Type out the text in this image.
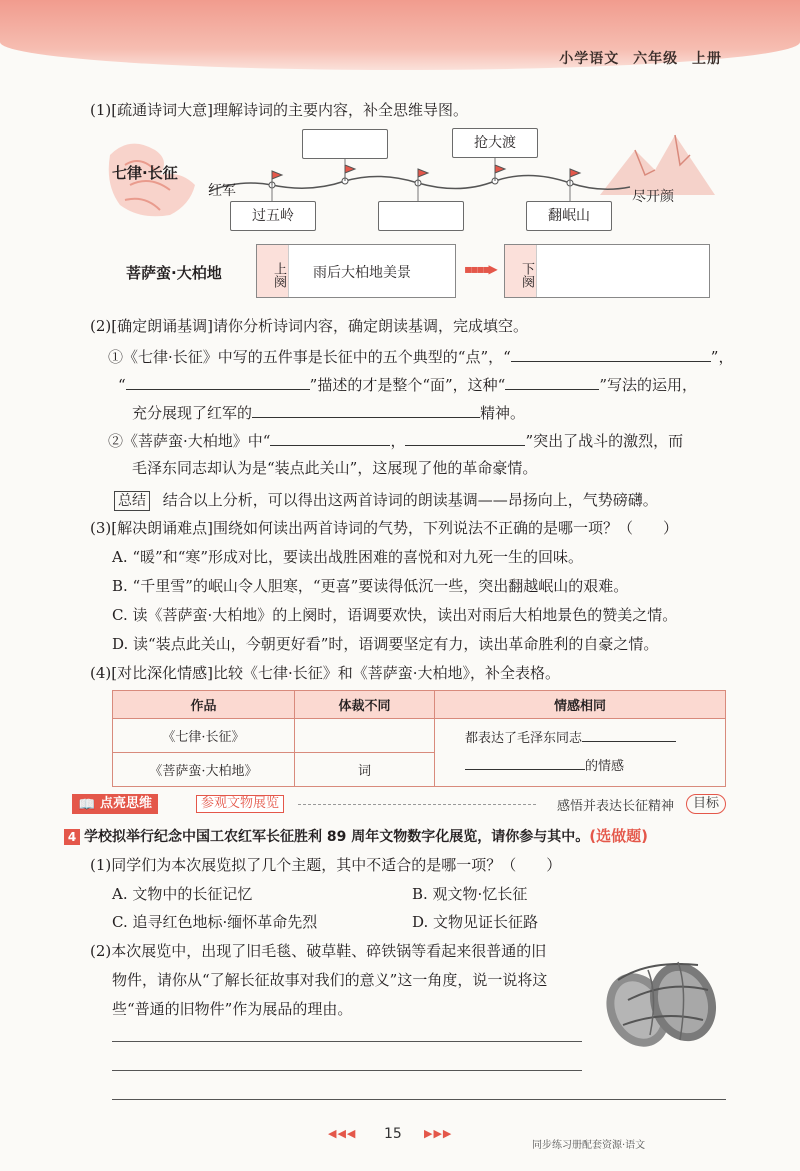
小学语文 六年级 上册
(1)[疏通诗词大意]理解诗词的主要内容，补全思维导图。
七律·长征
红军	尽开颜
抢大渡
过五岭	翻岷山
菩萨蛮·大柏地	上阕 雨后大柏地美景	▪▪▪▪▶	下阕
(2)[确定朗诵基调]请你分析诗词内容，确定朗读基调，完成填空。
①《七律·长征》中写的五件事是长征中的五个典型的“点”，“	”，
“	”描述的才是整个“面”，这种“	”写法的运用，
充分展现了红军的	精神。
②《菩萨蛮·大柏地》中“	，	”突出了战斗的激烈，而
毛泽东同志却认为是“装点此关山”，这展现了他的革命豪情。
总结 结合以上分析，可以得出这两首诗词的朗读基调——昂扬向上，气势磅礴。
(3)[解决朗诵难点]围绕如何读出两首诗词的气势，下列说法不正确的是哪一项？（　　）
A. “暖”和“寒”形成对比，要读出战胜困难的喜悦和对九死一生的回味。
B. “千里雪”的岷山令人胆寒，“更喜”要读得低沉一些，突出翻越岷山的艰难。
C. 读《菩萨蛮·大柏地》的上阕时，语调要欢快，读出对雨后大柏地景色的赞美之情。
D. 读“装点此关山，今朝更好看”时，语调要坚定有力，读出革命胜利的自豪之情。
(4)[对比深化情感]比较《七律·长征》和《菩萨蛮·大柏地》，补全表格。
作品	体裁不同	情感相同
《七律·长征》		都表达了毛泽东同志
的情感
《菩萨蛮·大柏地》	词	
📖 点亮思维	参观文物展览	感悟并表达长征精神	目标
4 学校拟举行纪念中国工农红军长征胜利 89 周年文物数字化展览，请你参与其中。(选做题)
(1)同学们为本次展览拟了几个主题，其中不适合的是哪一项？（　　）
A. 文物中的长征记忆	B. 观文物·忆长征
C. 追寻红色地标·缅怀革命先烈	D. 文物见证长征路
(2)本次展览中，出现了旧毛毯、破草鞋、碎铁锅等看起来很普通的旧
物件，请你从“了解长征故事对我们的意义”这一角度，说一说将这
些“普通的旧物件”作为展品的理由。
◀◀◀ 15 ▶▶▶
同步练习册配套资源·语文
